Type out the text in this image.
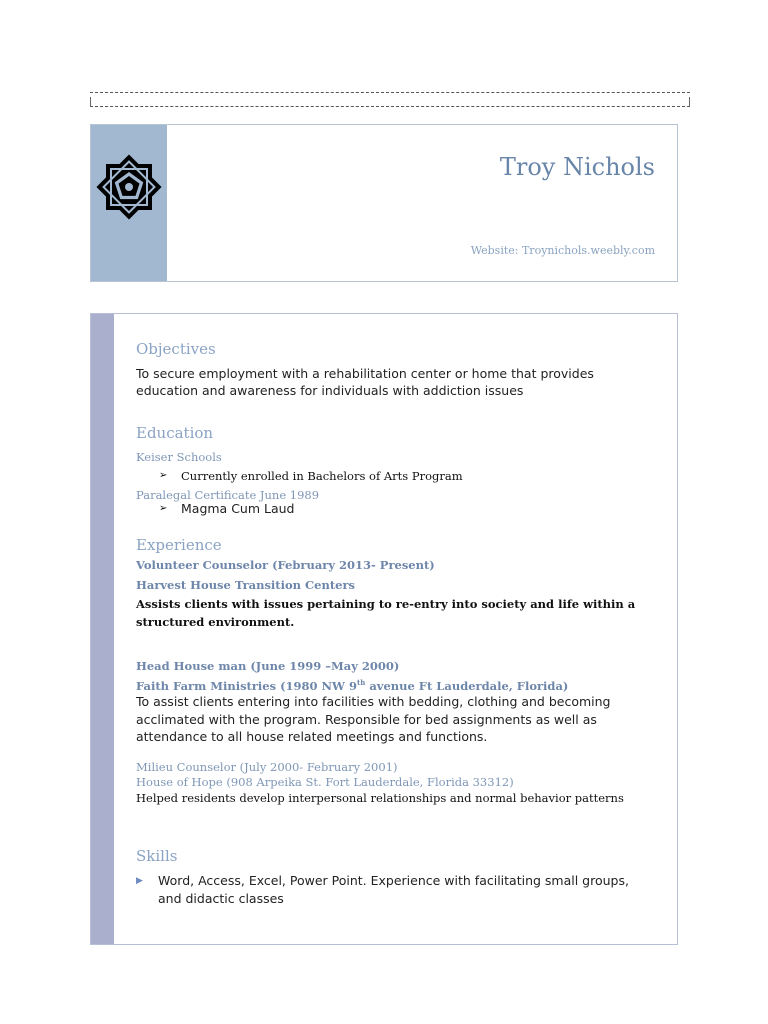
Troy Nichols
Website: Troynichols.weebly.com
Objectives
To secure employment with a rehabilitation center or home that provides
education and awareness for individuals with addiction issues
Education
Keiser Schools
➢ Currently enrolled in Bachelors of Arts Program
Paralegal Certificate June 1989
➢ Magma Cum Laud
Experience
Volunteer Counselor (February 2013- Present)
Harvest House Transition Centers
Assists clients with issues pertaining to re-entry into society and life within a
structured environment.
Head House man (June 1999 –May 2000)
Faith Farm Ministries (1980 NW 9th avenue Ft Lauderdale, Florida)
To assist clients entering into facilities with bedding, clothing and becoming
acclimated with the program. Responsible for bed assignments as well as
attendance to all house related meetings and functions.
Milieu Counselor (July 2000- February 2001)
House of Hope (908 Arpeika St. Fort Lauderdale, Florida 33312)
Helped residents develop interpersonal relationships and normal behavior patterns
Skills
▶ Word, Access, Excel, Power Point. Experience with facilitating small groups,
and didactic classes
